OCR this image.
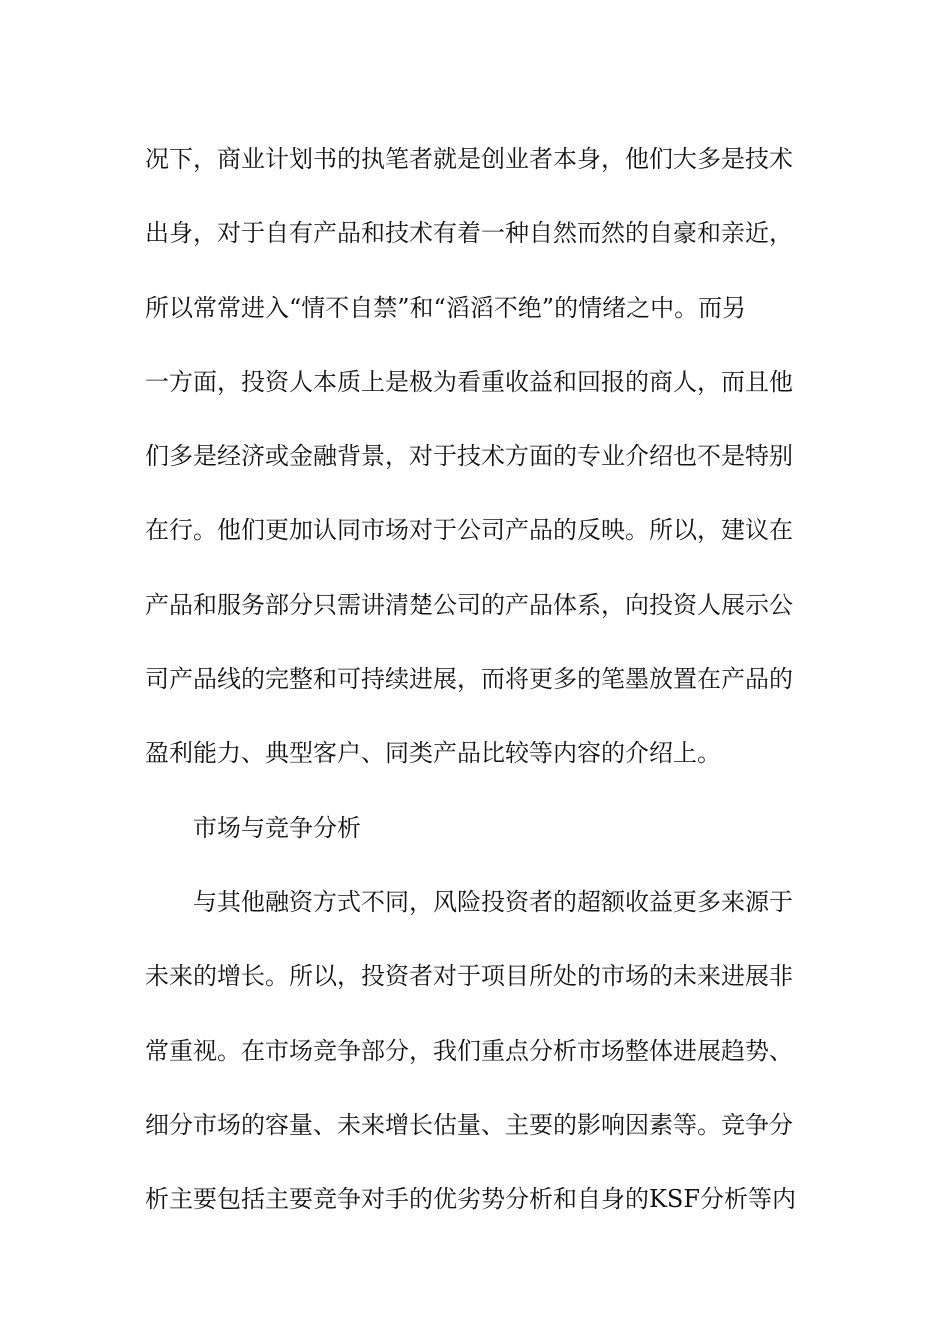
况下，商业计划书的执笔者就是创业者本身，他们大多是技术
出身，对于自有产品和技术有着一种自然而然的自豪和亲近，
所以常常进入“情不自禁”和“滔滔不绝”的情绪之中。而另
一方面，投资人本质上是极为看重收益和回报的商人，而且他
们多是经济或金融背景，对于技术方面的专业介绍也不是特别
在行。他们更加认同市场对于公司产品的反映。所以，建议在
产品和服务部分只需讲清楚公司的产品体系，向投资人展示公
司产品线的完整和可持续进展，而将更多的笔墨放置在产品的
盈利能力、典型客户、同类产品比较等内容的介绍上。
市场与竞争分析
与其他融资方式不同，风险投资者的超额收益更多来源于
未来的增长。所以，投资者对于项目所处的市场的未来进展非
常重视。在市场竞争部分，我们重点分析市场整体进展趋势、
细分市场的容量、未来增长估量、主要的影响因素等。竞争分
析主要包括主要竞争对手的优劣势分析和自身的KSF分析等内
